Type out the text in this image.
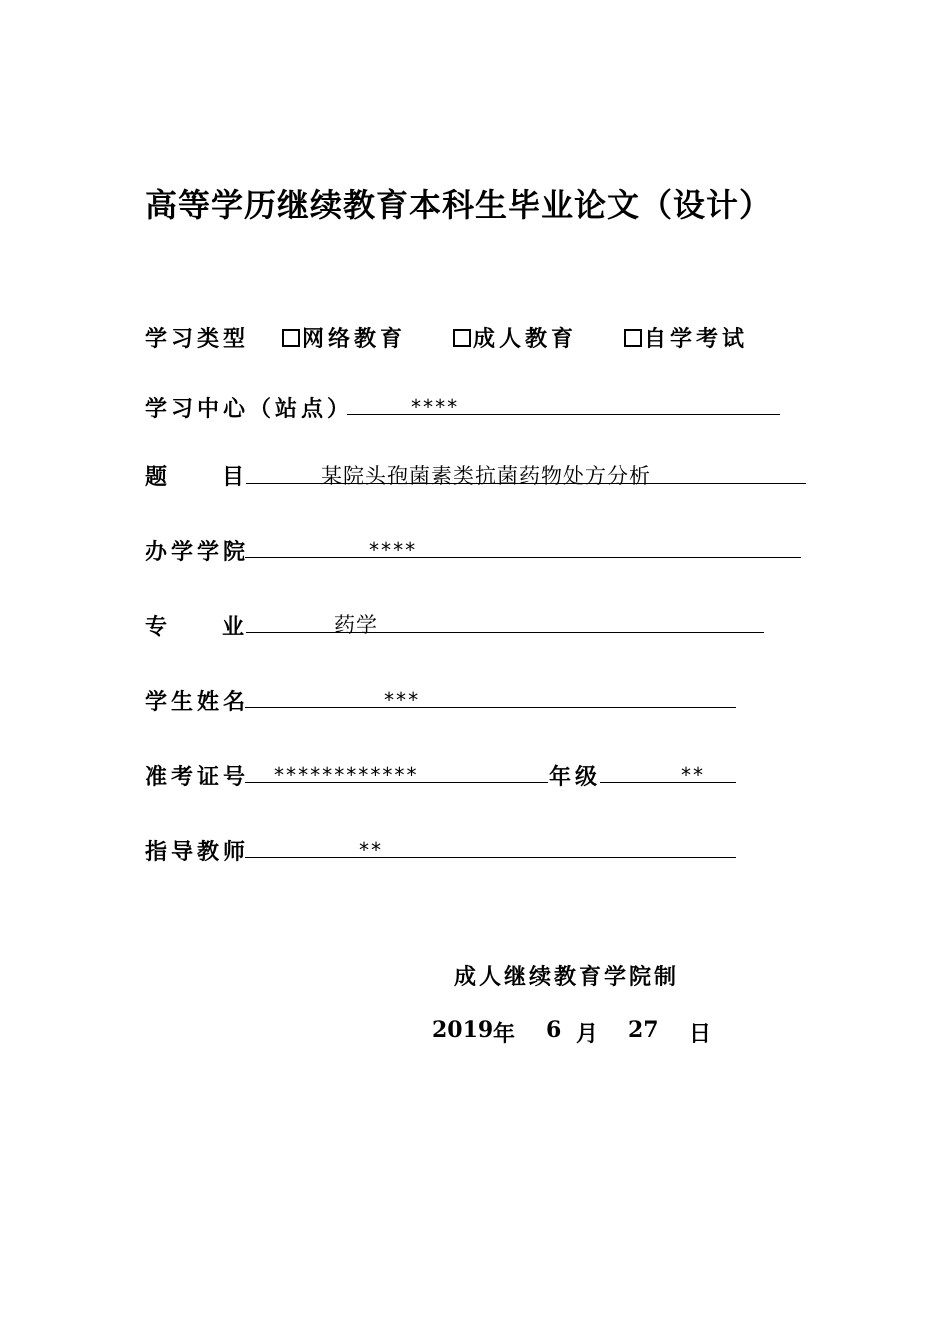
高等学历继续教育本科生毕业论文（设计）
学习类型	网络教育	成人教育	自学考试
学习中心（站点）	****
题 目	某院头孢菌素类抗菌药物处方分析
办学学院	****
专 业	药学
学生姓名	***
准考证号 ************	年级	**
指导教师	**
成人继续教育学院制
2019 年 6 月 27 日
